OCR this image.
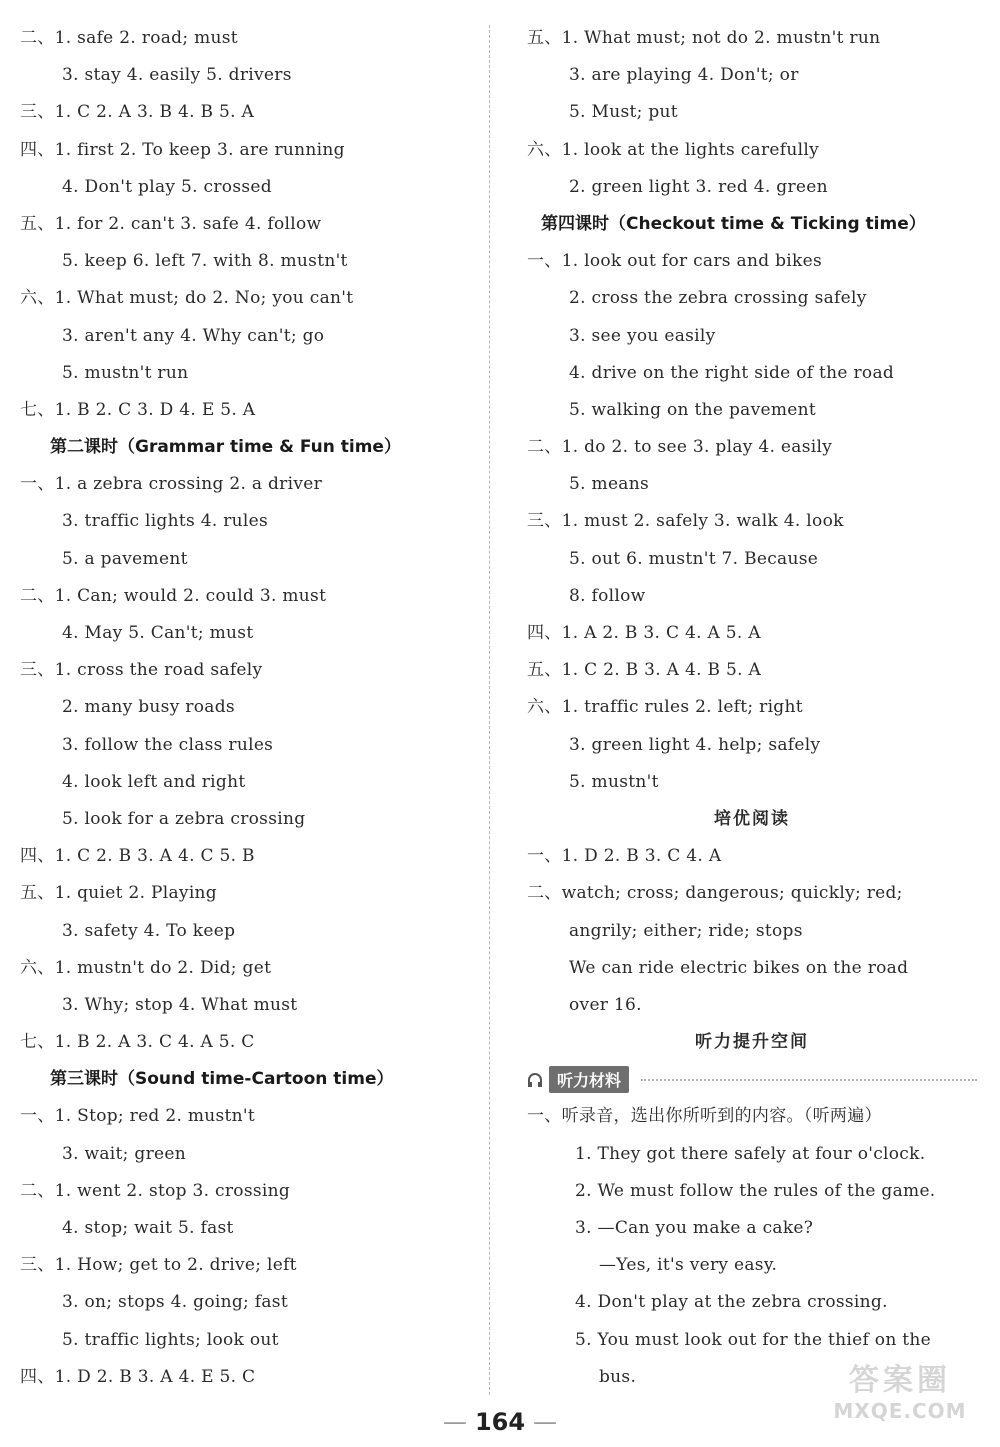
二、1. safe 2. road; must
3. stay 4. easily 5. drivers
三、1. C 2. A 3. B 4. B 5. A
四、1. first 2. To keep 3. are running
4. Don't play 5. crossed
五、1. for 2. can't 3. safe 4. follow
5. keep 6. left 7. with 8. mustn't
六、1. What must; do 2. No; you can't
3. aren't any 4. Why can't; go
5. mustn't run
七、1. B 2. C 3. D 4. E 5. A
第二课时（Grammar time & Fun time）
一、1. a zebra crossing 2. a driver
3. traffic lights 4. rules
5. a pavement
二、1. Can; would 2. could 3. must
4. May 5. Can't; must
三、1. cross the road safely
2. many busy roads
3. follow the class rules
4. look left and right
5. look for a zebra crossing
四、1. C 2. B 3. A 4. C 5. B
五、1. quiet 2. Playing
3. safety 4. To keep
六、1. mustn't do 2. Did; get
3. Why; stop 4. What must
七、1. B 2. A 3. C 4. A 5. C
第三课时（Sound time-Cartoon time）
一、1. Stop; red 2. mustn't
3. wait; green
二、1. went 2. stop 3. crossing
4. stop; wait 5. fast
三、1. How; get to 2. drive; left
3. on; stops 4. going; fast
5. traffic lights; look out
四、1. D 2. B 3. A 4. E 5. C
五、1. What must; not do 2. mustn't run
3. are playing 4. Don't; or
5. Must; put
六、1. look at the lights carefully
2. green light 3. red 4. green
第四课时（Checkout time & Ticking time）
一、1. look out for cars and bikes
2. cross the zebra crossing safely
3. see you easily
4. drive on the right side of the road
5. walking on the pavement
二、1. do 2. to see 3. play 4. easily
5. means
三、1. must 2. safely 3. walk 4. look
5. out 6. mustn't 7. Because
8. follow
四、1. A 2. B 3. C 4. A 5. A
五、1. C 2. B 3. A 4. B 5. A
六、1. traffic rules 2. left; right
3. green light 4. help; safely
5. mustn't
培优阅读
一、1. D 2. B 3. C 4. A
二、watch; cross; dangerous; quickly; red;
angrily; either; ride; stops
We can ride electric bikes on the road
over 16.
听力提升空间
听力材料
一、听录音，选出你所听到的内容。（听两遍）
1. They got there safely at four o'clock.
2. We must follow the rules of the game.
3. —Can you make a cake?
—Yes, it's very easy.
4. Don't play at the zebra crossing.
5. You must look out for the thief on the
bus.
— 164 —
答案圈
MXQE.COM
